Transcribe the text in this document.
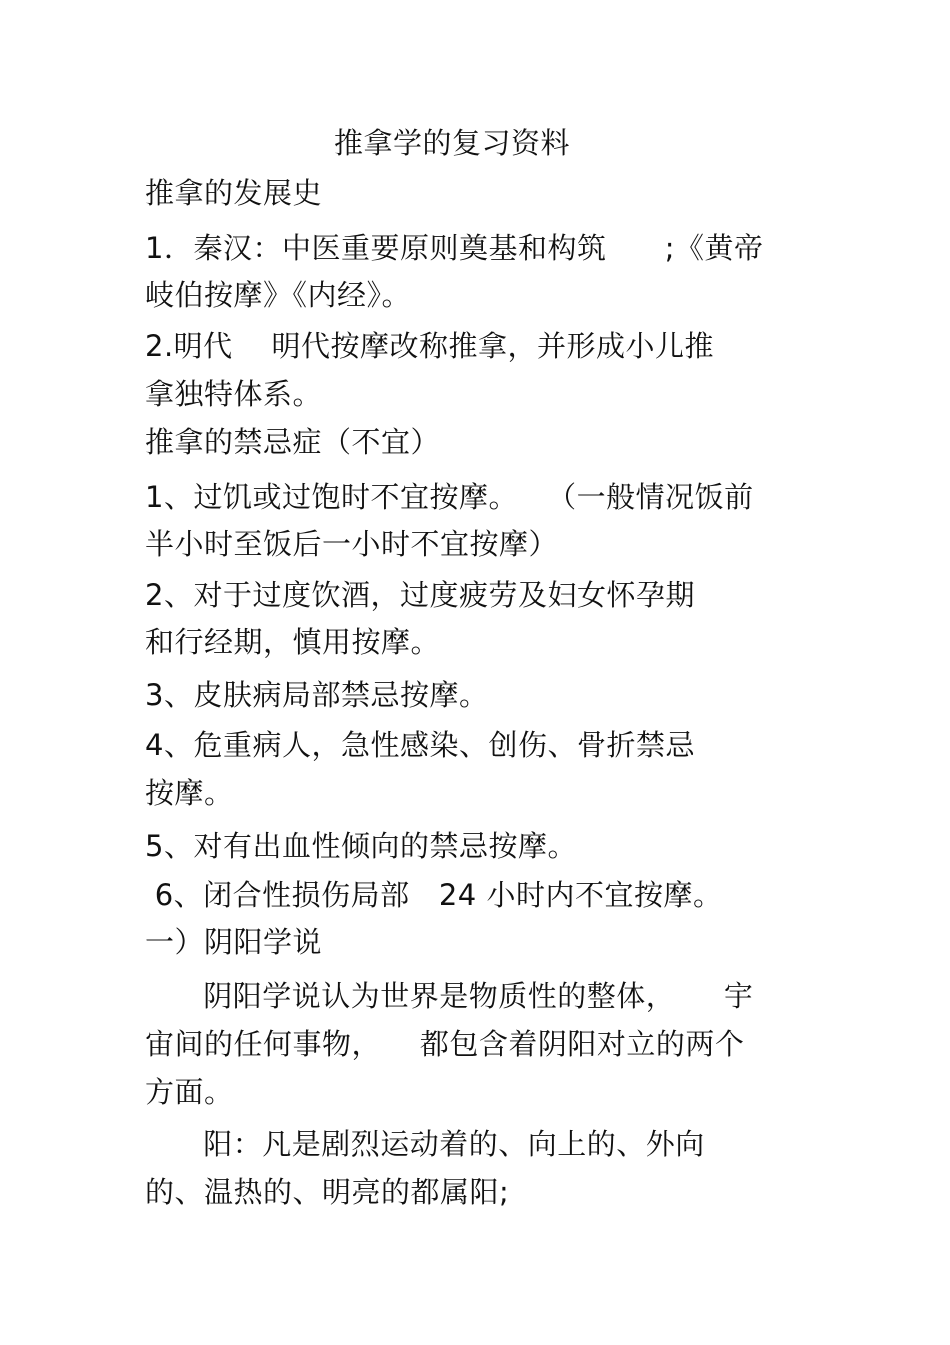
推拿学的复习资料
推拿的发展史
1．秦汉：中医重要原则奠基和构筑      ;《黄帝
岐伯按摩》《内经》。
2.明代    明代按摩改称推拿，并形成小儿推
拿独特体系。
推拿的禁忌症（不宜）
1、过饥或过饱时不宜按摩。   （一般情况饭前
半小时至饭后一小时不宜按摩）
2、对于过度饮酒，过度疲劳及妇女怀孕期
和行经期，慎用按摩。
3、皮肤病局部禁忌按摩。
4、危重病人，急性感染、创伤、骨折禁忌
按摩。
5、对有出血性倾向的禁忌按摩。
6、闭合性损伤局部   24 小时内不宜按摩。
一）阴阳学说
阴阳学说认为世界是物质性的整体，     宇
宙间的任何事物，    都包含着阴阳对立的两个
方面。
阳：凡是剧烈运动着的、向上的、外向
的、温热的、明亮的都属阳;
